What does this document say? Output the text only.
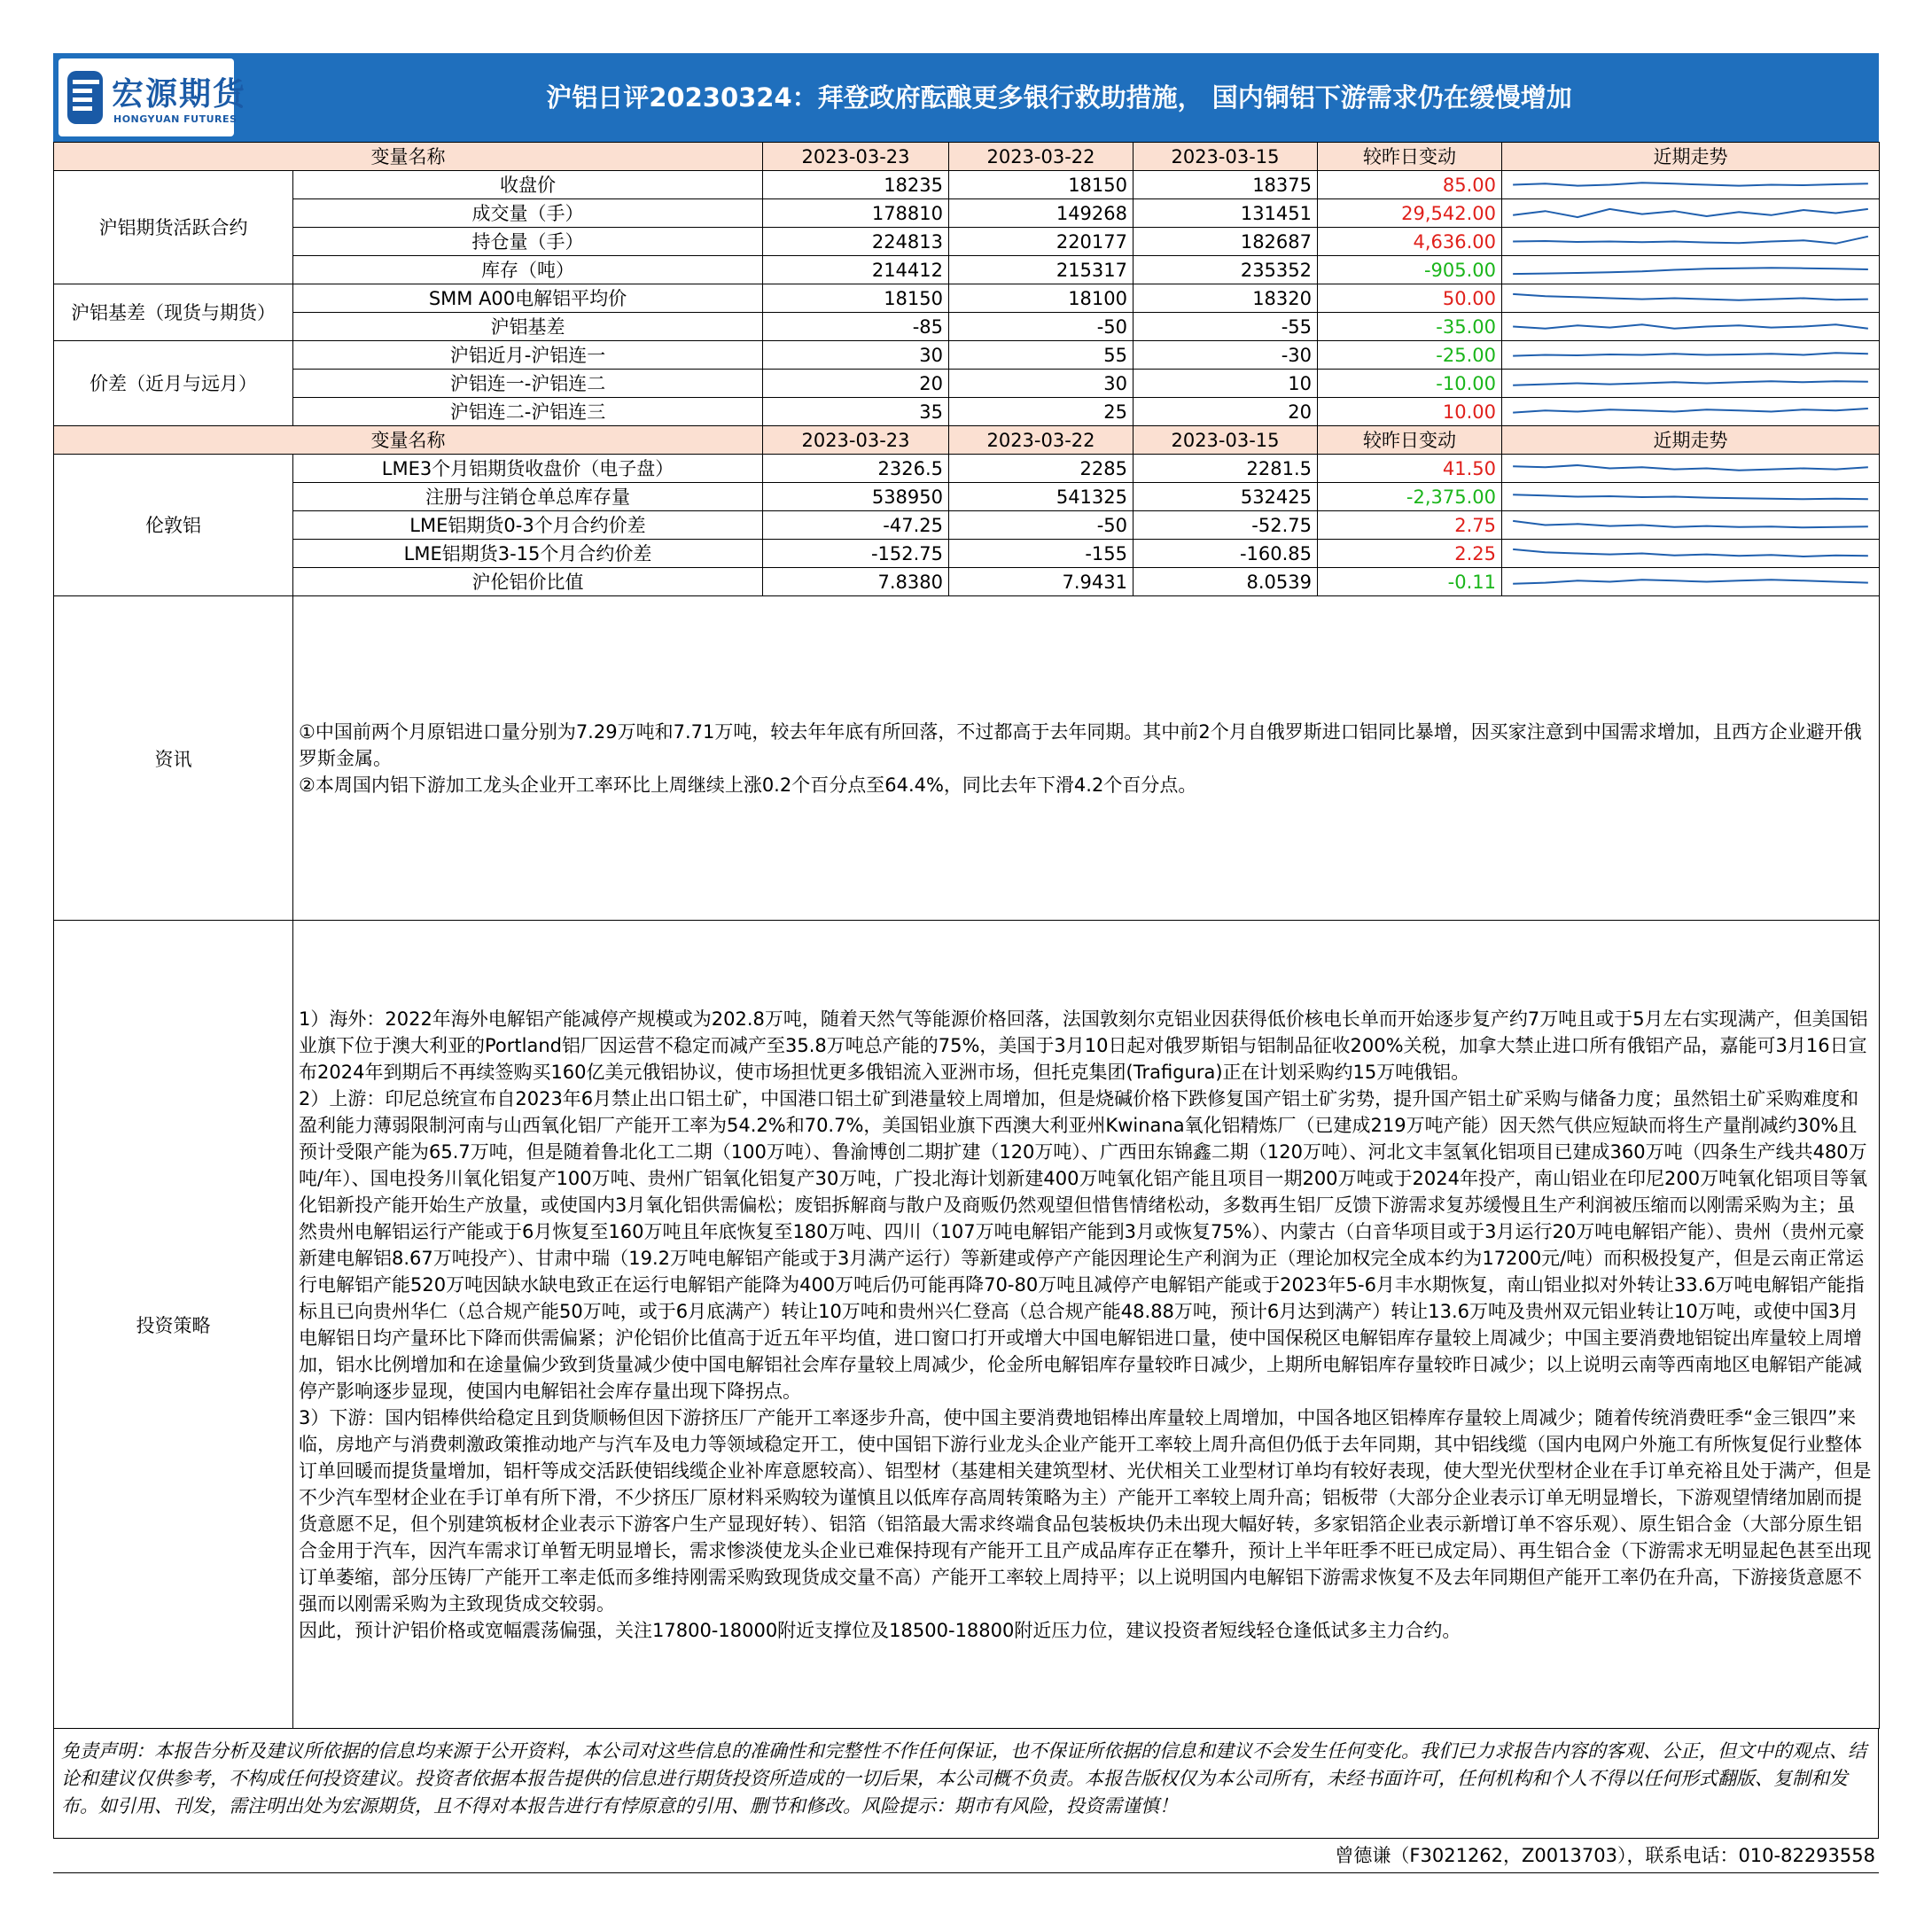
宏源期货
HONGYUAN FUTURES
沪铝日评20230324：拜登政府酝酿更多银行救助措施， 国内铜铝下游需求仍在缓慢增加
变量名称		2023-03-23	2023-03-22	2023-03-15	较昨日变动	近期走势
沪铝期货活跃合约	收盘价	18235	18150	18375	85.00	

	成交量（手）	178810	149268	131451	29,542.00	

	持仓量（手）	224813	220177	182687	4,636.00	

	库存（吨）	214412	215317	235352	-905.00	

沪铝基差（现货与期货）	SMM A00电解铝平均价	18150	18100	18320	50.00	

	沪铝基差	-85	-50	-55	-35.00	

价差（近月与远月）	沪铝近月-沪铝连一	30	55	-30	-25.00	

	沪铝连一-沪铝连二	20	30	10	-10.00	

	沪铝连二-沪铝连三	35	25	20	10.00	

变量名称		2023-03-23	2023-03-22	2023-03-15	较昨日变动	近期走势
伦敦铝	LME3个月铝期货收盘价（电子盘）	2326.5	2285	2281.5	41.50	

	注册与注销仓单总库存量	538950	541325	532425	-2,375.00	

	LME铝期货0-3个月合约价差	-47.25	-50	-52.75	2.75	

	LME铝期货3-15个月合约价差	-152.75	-155	-160.85	2.25	

	沪伦铝价比值	7.8380	7.9431	8.0539	-0.11	
资讯	
①中国前两个月原铝进口量分别为7.29万吨和7.71万吨，较去年年底有所回落，不过都高于去年同期。其中前2个月自俄罗斯进口铝同比暴增，因买家注意到中国需求增加，且西方企业避开俄罗斯金属。
②本周国内铝下游加工龙头企业开工率环比上周继续上涨0.2个百分点至64.4%，同比去年下滑4.2个百分点。
投资策略	
1）海外：2022年海外电解铝产能减停产规模或为202.8万吨，随着天然气等能源价格回落，法国敦刻尔克铝业因获得低价核电长单而开始逐步复产约7万吨且或于5月左右实现满产，但美国铝业旗下位于澳大利亚的Portland铝厂因运营不稳定而减产至35.8万吨总产能的75%，美国于3月10日起对俄罗斯铝与铝制品征收200%关税，加拿大禁止进口所有俄铝产品，嘉能可3月16日宣布2024年到期后不再续签购买160亿美元俄铝协议，使市场担忧更多俄铝流入亚洲市场，但托克集团(Trafigura)正在计划采购约15万吨俄铝。
2）上游：印尼总统宣布自2023年6月禁止出口铝土矿，中国港口铝土矿到港量较上周增加，但是烧碱价格下跌修复国产铝土矿劣势，提升国产铝土矿采购与储备力度；虽然铝土矿采购难度和盈利能力薄弱限制河南与山西氧化铝厂产能开工率为54.2%和70.7%，美国铝业旗下西澳大利亚州Kwinana氧化铝精炼厂（已建成219万吨产能）因天然气供应短缺而将生产量削减约30%且预计受限产能为65.7万吨，但是随着鲁北化工二期（100万吨）、鲁渝博创二期扩建（120万吨）、广西田东锦鑫二期（120万吨）、河北文丰氢氧化铝项目已建成360万吨（四条生产线共480万吨/年）、国电投务川氧化铝复产100万吨、贵州广铝氧化铝复产30万吨，广投北海计划新建400万吨氧化铝产能且项目一期200万吨或于2024年投产，南山铝业在印尼200万吨氧化铝项目等氧化铝新投产能开始生产放量，或使国内3月氧化铝供需偏松；废铝拆解商与散户及商贩仍然观望但惜售情绪松动，多数再生铝厂反馈下游需求复苏缓慢且生产利润被压缩而以刚需采购为主；虽然贵州电解铝运行产能或于6月恢复至160万吨且年底恢复至180万吨、四川（107万吨电解铝产能到3月或恢复75%）、内蒙古（白音华项目或于3月运行20万吨电解铝产能）、贵州（贵州元豪新建电解铝8.67万吨投产）、甘肃中瑞（19.2万吨电解铝产能或于3月满产运行）等新建或停产产能因理论生产利润为正（理论加权完全成本约为17200元/吨）而积极投复产，但是云南正常运行电解铝产能520万吨因缺水缺电致正在运行电解铝产能降为400万吨后仍可能再降70-80万吨且减停产电解铝产能或于2023年5-6月丰水期恢复，南山铝业拟对外转让33.6万吨电解铝产能指标且已向贵州华仁（总合规产能50万吨，或于6月底满产）转让10万吨和贵州兴仁登高（总合规产能48.88万吨，预计6月达到满产）转让13.6万吨及贵州双元铝业转让10万吨，或使中国3月电解铝日均产量环比下降而供需偏紧；沪伦铝价比值高于近五年平均值，进口窗口打开或增大中国电解铝进口量，使中国保税区电解铝库存量较上周减少；中国主要消费地铝锭出库量较上周增加，铝水比例增加和在途量偏少致到货量减少使中国电解铝社会库存量较上周减少，伦金所电解铝库存量较昨日减少，上期所电解铝库存量较昨日减少；以上说明云南等西南地区电解铝产能减停产影响逐步显现，使国内电解铝社会库存量出现下降拐点。
3）下游：国内铝棒供给稳定且到货顺畅但因下游挤压厂产能开工率逐步升高，使中国主要消费地铝棒出库量较上周增加，中国各地区铝棒库存量较上周减少；随着传统消费旺季“金三银四”来临，房地产与消费刺激政策推动地产与汽车及电力等领域稳定开工，使中国铝下游行业龙头企业产能开工率较上周升高但仍低于去年同期，其中铝线缆（国内电网户外施工有所恢复促行业整体订单回暖而提货量增加，铝杆等成交活跃使铝线缆企业补库意愿较高）、铝型材（基建相关建筑型材、光伏相关工业型材订单均有较好表现，使大型光伏型材企业在手订单充裕且处于满产，但是不少汽车型材企业在手订单有所下滑，不少挤压厂原材料采购较为谨慎且以低库存高周转策略为主）产能开工率较上周升高；铝板带（大部分企业表示订单无明显增长，下游观望情绪加剧而提货意愿不足，但个别建筑板材企业表示下游客户生产显现好转）、铝箔（铝箔最大需求终端食品包装板块仍未出现大幅好转，多家铝箔企业表示新增订单不容乐观）、原生铝合金（大部分原生铝合金用于汽车，因汽车需求订单暂无明显增长，需求惨淡使龙头企业已难保持现有产能开工且产成品库存正在攀升，预计上半年旺季不旺已成定局）、再生铝合金（下游需求无明显起色甚至出现订单萎缩，部分压铸厂产能开工率走低而多维持刚需采购致现货成交量不高）产能开工率较上周持平；以上说明国内电解铝下游需求恢复不及去年同期但产能开工率仍在升高，下游接货意愿不强而以刚需采购为主致现货成交较弱。
因此，预计沪铝价格或宽幅震荡偏强，关注17800-18000附近支撑位及18500-18800附近压力位，建议投资者短线轻仓逢低试多主力合约。
免责声明：本报告分析及建议所依据的信息均来源于公开资料，本公司对这些信息的准确性和完整性不作任何保证，也不保证所依据的信息和建议不会发生任何变化。我们已力求报告内容的客观、公正，但文中的观点、结论和建议仅供参考，不构成任何投资建议。投资者依据本报告提供的信息进行期货投资所造成的一切后果，本公司概不负责。本报告版权仅为本公司所有，未经书面许可，任何机构和个人不得以任何形式翻版、复制和发布。如引用、刊发，需注明出处为宏源期货，且不得对本报告进行有悖原意的引用、删节和修改。风险提示：期市有风险，投资需谨慎！
曾德谦（F3021262，Z0013703），联系电话：010-82293558
